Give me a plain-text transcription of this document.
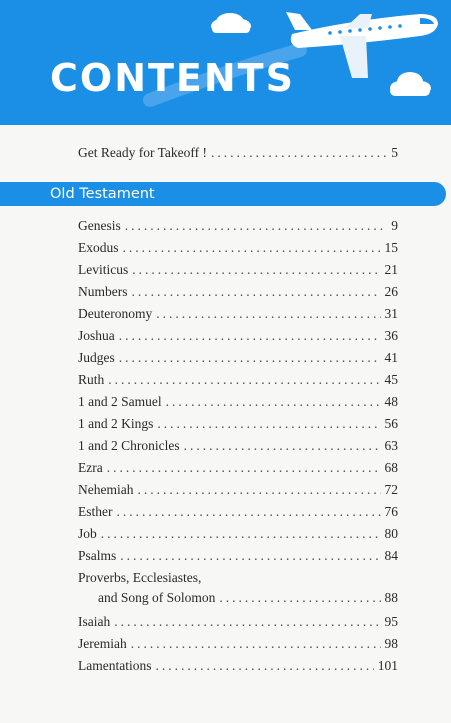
CONTENTS
Get Ready for Takeoff ! .....	5
Old Testament
Genesis .....	9
Exodus .....	15
Leviticus .....	21
Numbers .....	26
Deuteronomy .....	31
Joshua .....	36
Judges .....	41
Ruth .....	45
1 and 2 Samuel .....	48
1 and 2 Kings .....	56
1 and 2 Chronicles .....	63
Ezra .....	68
Nehemiah .....	72
Esther .....	76
Job .....	80
Psalms .....	84
Proverbs, Ecclesiastes,
and Song of Solomon .....	88
Isaiah .....	95
Jeremiah .....	98
Lamentations .....	101
